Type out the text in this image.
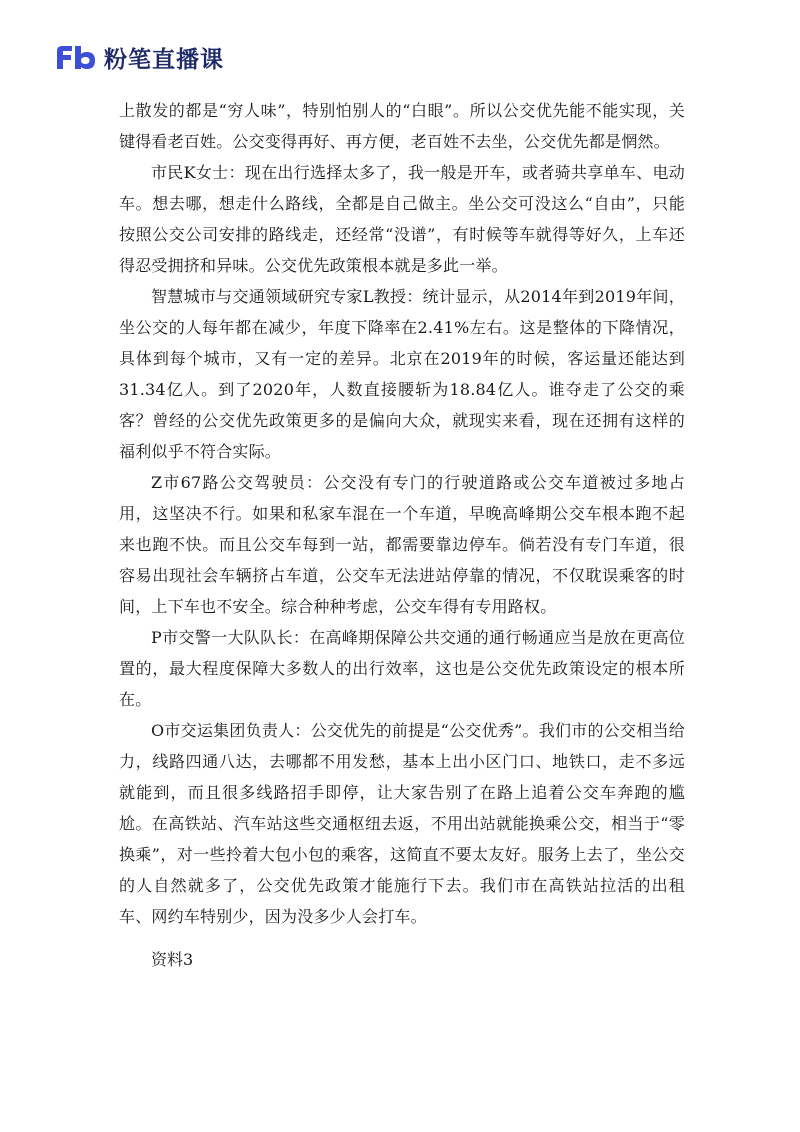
粉笔直播课

上散发的都是“穷人味”，特别怕别人的“白眼”。所以公交优先能不能实现，关键得看老百姓。公交变得再好、再方便，老百姓不去坐，公交优先都是惘然。

市民K女士：现在出行选择太多了，我一般是开车，或者骑共享单车、电动车。想去哪，想走什么路线，全都是自己做主。坐公交可没这么“自由”，只能按照公交公司安排的路线走，还经常“没谱”，有时候等车就得等好久，上车还得忍受拥挤和异味。公交优先政策根本就是多此一举。

智慧城市与交通领域研究专家L教授：统计显示，从2014年到2019年间，坐公交的人每年都在减少，年度下降率在2.41%左右。这是整体的下降情况，具体到每个城市，又有一定的差异。北京在2019年的时候，客运量还能达到31.34亿人。到了2020年，人数直接腰斩为18.84亿人。谁夺走了公交的乘客？曾经的公交优先政策更多的是偏向大众，就现实来看，现在还拥有这样的福利似乎不符合实际。

Z市67路公交驾驶员：公交没有专门的行驶道路或公交车道被过多地占用，这坚决不行。如果和私家车混在一个车道，早晚高峰期公交车根本跑不起来也跑不快。而且公交车每到一站，都需要靠边停车。倘若没有专门车道，很容易出现社会车辆挤占车道，公交车无法进站停靠的情况，不仅耽误乘客的时间，上下车也不安全。综合种种考虑，公交车得有专用路权。

P市交警一大队队长：在高峰期保障公共交通的通行畅通应当是放在更高位置的，最大程度保障大多数人的出行效率，这也是公交优先政策设定的根本所在。

O市交运集团负责人：公交优先的前提是“公交优秀”。我们市的公交相当给力，线路四通八达，去哪都不用发愁，基本上出小区门口、地铁口，走不多远就能到，而且很多线路招手即停，让大家告别了在路上追着公交车奔跑的尴尬。在高铁站、汽车站这些交通枢纽去返，不用出站就能换乘公交，相当于“零换乘”，对一些拎着大包小包的乘客，这简直不要太友好。服务上去了，坐公交的人自然就多了，公交优先政策才能施行下去。我们市在高铁站拉活的出租车、网约车特别少，因为没多少人会打车。

资料3
